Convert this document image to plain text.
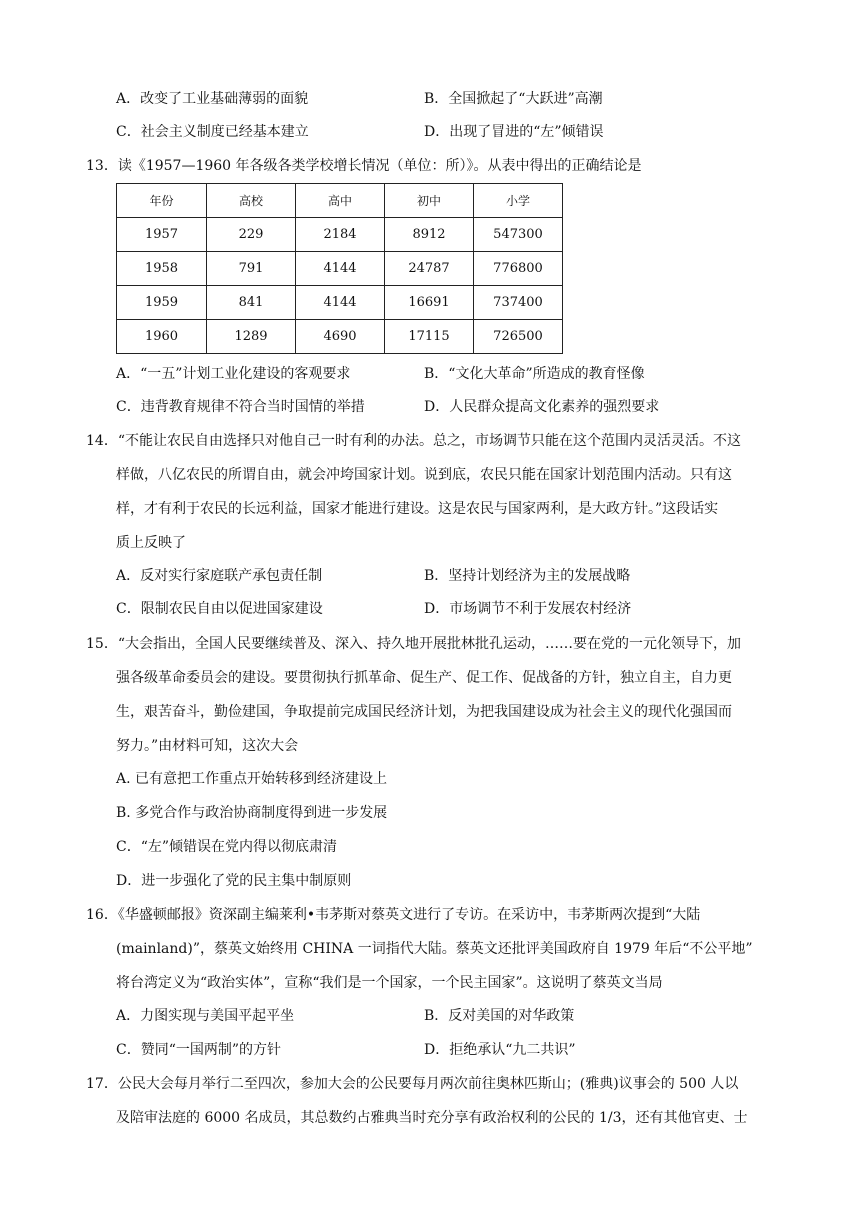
A．改变了工业基础薄弱的面貌	B．全国掀起了“大跃进”高潮
C．社会主义制度已经基本建立	D．出现了冒进的“左”倾错误
13．读《1957—1960 年各级各类学校增长情况（单位：所）》。从表中得出的正确结论是
年份	高校	高中	初中	小学
1957	229	2184	8912	547300
1958	791	4144	24787	776800
1959	841	4144	16691	737400
1960	1289	4690	17115	726500
A．“一五”计划工业化建设的客观要求	B．“文化大革命”所造成的教育怪像
C．违背教育规律不符合当时国情的举措	D．人民群众提高文化素养的强烈要求
14．“不能让农民自由选择只对他自己一时有利的办法。总之，市场调节只能在这个范围内灵活灵活。不这
样做，八亿农民的所谓自由，就会冲垮国家计划。说到底，农民只能在国家计划范围内活动。只有这
样，才有利于农民的长远利益，国家才能进行建设。这是农民与国家两利，是大政方针。”这段话实
质上反映了
A．反对实行家庭联产承包责任制	B．坚持计划经济为主的发展战略
C．限制农民自由以促进国家建设	D．市场调节不利于发展农村经济
15．“大会指出，全国人民要继续普及、深入、持久地开展批林批孔运动，……要在党的一元化领导下，加
强各级革命委员会的建设。要贯彻执行抓革命、促生产、促工作、促战备的方针，独立自主，自力更
生，艰苦奋斗，勤俭建国，争取提前完成国民经济计划，为把我国建设成为社会主义的现代化强国而
努力。”由材料可知，这次大会
A. 已有意把工作重点开始转移到经济建设上
B. 多党合作与政治协商制度得到进一步发展
C．“左”倾错误在党内得以彻底肃清
D．进一步强化了党的民主集中制原则
16．《华盛顿邮报》资深副主编莱利•韦茅斯对蔡英文进行了专访。在采访中，韦茅斯两次提到“大陆
(mainland)”，蔡英文始终用 CHINA 一词指代大陆。蔡英文还批评美国政府自 1979 年后“不公平地”
将台湾定义为“政治实体”，宣称“我们是一个国家，一个民主国家”。这说明了蔡英文当局
A．力图实现与美国平起平坐	B．反对美国的对华政策
C．赞同“一国两制”的方针	D．拒绝承认“九二共识”
17．公民大会每月举行二至四次，参加大会的公民要每月两次前往奥林匹斯山；(雅典)议事会的 500 人以
及陪审法庭的 6000 名成员，其总数约占雅典当时充分享有政治权利的公民的 1/3，还有其他官吏、士
